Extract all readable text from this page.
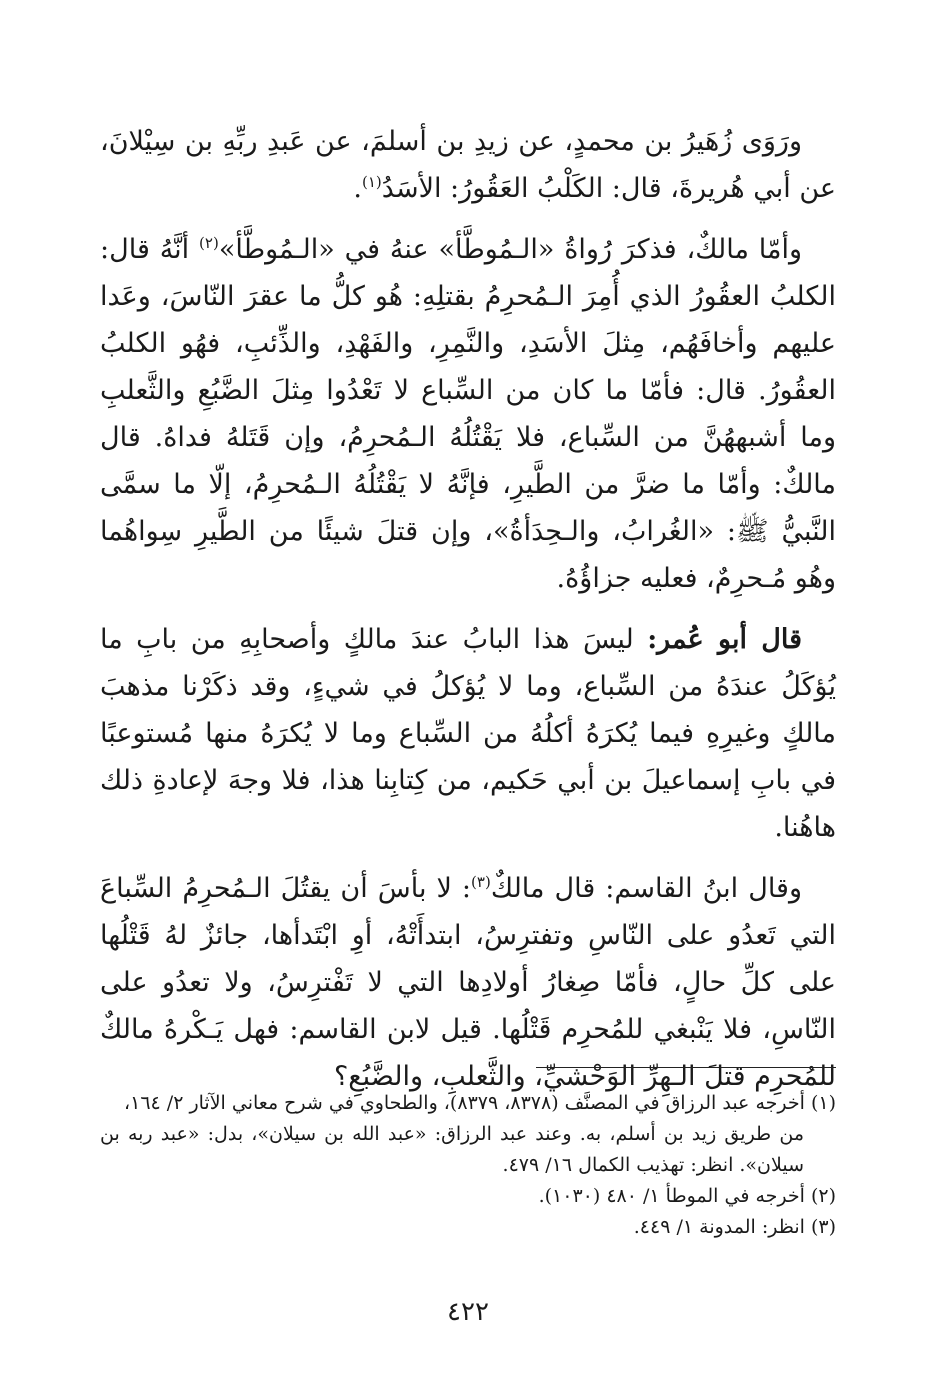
ورَوَى زُهَيرُ بن محمدٍ، عن زيدِ بن أسلمَ، عن عَبدِ ربِّهِ بن سِيْلانَ، عن أبي هُريرةَ، قال: الكَلْبُ العَقُورُ: الأسَدُ$^{(١)}$.

وأمّا مالكٌ، فذكرَ رُواةُ «الـمُوطَّأ» عنهُ في «الـمُوطَّأ»$^{(٢)}$ أنَّهُ قال: الكلبُ العقُورُ الذي أُمِرَ الـمُحرِمُ بقتلِهِ: هُو كلُّ ما عقرَ النّاسَ، وعَدا عليهم وأخافَهُم، مِثلَ الأسَدِ، والنَّمِرِ، والفَهْدِ، والذِّئبِ، فهُو الكلبُ العقُورُ. قال: فأمّا ما كان من السِّباع لا تَعْدُوا مِثلَ الضَّبُعِ والثَّعلبِ وما أشبههُنَّ من السِّباع، فلا يَقْتُلُهُ الـمُحرِمُ، وإن قَتَلهُ فداهُ. قال مالكٌ: وأمّا ما ضرَّ من الطَّيرِ، فإنَّهُ لا يَقْتُلُهُ الـمُحرِمُ، إلّا ما سمَّى النَّبيُّ ﷺ: «الغُرابُ، والـحِدَأةُ»، وإن قتلَ شيئًا من الطَّيرِ سِواهُما وهُو مُـحرِمٌ، فعليه جزاؤُهُ.

قال أبو عُمر: ليسَ هذا البابُ عندَ مالكٍ وأصحابِهِ من بابِ ما يُؤكَلُ عندَهُ من السِّباع، وما لا يُؤكلُ في شيءٍ، وقد ذكَرْنا مذهبَ مالكٍ وغيرِهِ فيما يُكرَهُ أكلُهُ من السِّباع وما لا يُكرَهُ منها مُستوعبًا في بابِ إسماعيلَ بن أبي حَكيم، من كِتابِنا هذا، فلا وجهَ لإعادةِ ذلك هاهُنا.

وقال ابنُ القاسم: قال مالكٌ$^{(٣)}$: لا بأسَ أن يقتُلَ الـمُحرِمُ السِّباعَ التي تَعدُو على النّاسِ وتفترِسُ، ابتدأَتْهُ، أوِ ابْتَدأها، جائزٌ لهُ قَتْلُها على كلِّ حالٍ، فأمّا صِغارُ أولادِها التي لا تَفْترِسُ، ولا تعدُو على النّاسِ، فلا يَنْبغي للمُحرِم قَتْلُها. قيل لابن القاسم: فهل يَـكْرهُ مالكٌ للمُحرِم قتلَ الـهِرِّ الوَحْشيِّ، والثَّعلبِ، والضَّبُعِ؟

(١) أخرجه عبد الرزاق في المصنَّف (٨٣٧٨، ٨٣٧٩)، والطحاوي في شرح معاني الآثار ٢/ ١٦٤،

من طريق زيد بن أسلم، به. وعند عبد الرزاق: «عبد الله بن سيلان»، بدل: «عبد ربه بن سيلان». انظر: تهذيب الكمال ١٦/ ٤٧٩.

(٢) أخرجه في الموطأ ١/ ٤٨٠ (١٠٣٠).

(٣) انظر: المدونة ١/ ٤٤٩.

٤٢٢
